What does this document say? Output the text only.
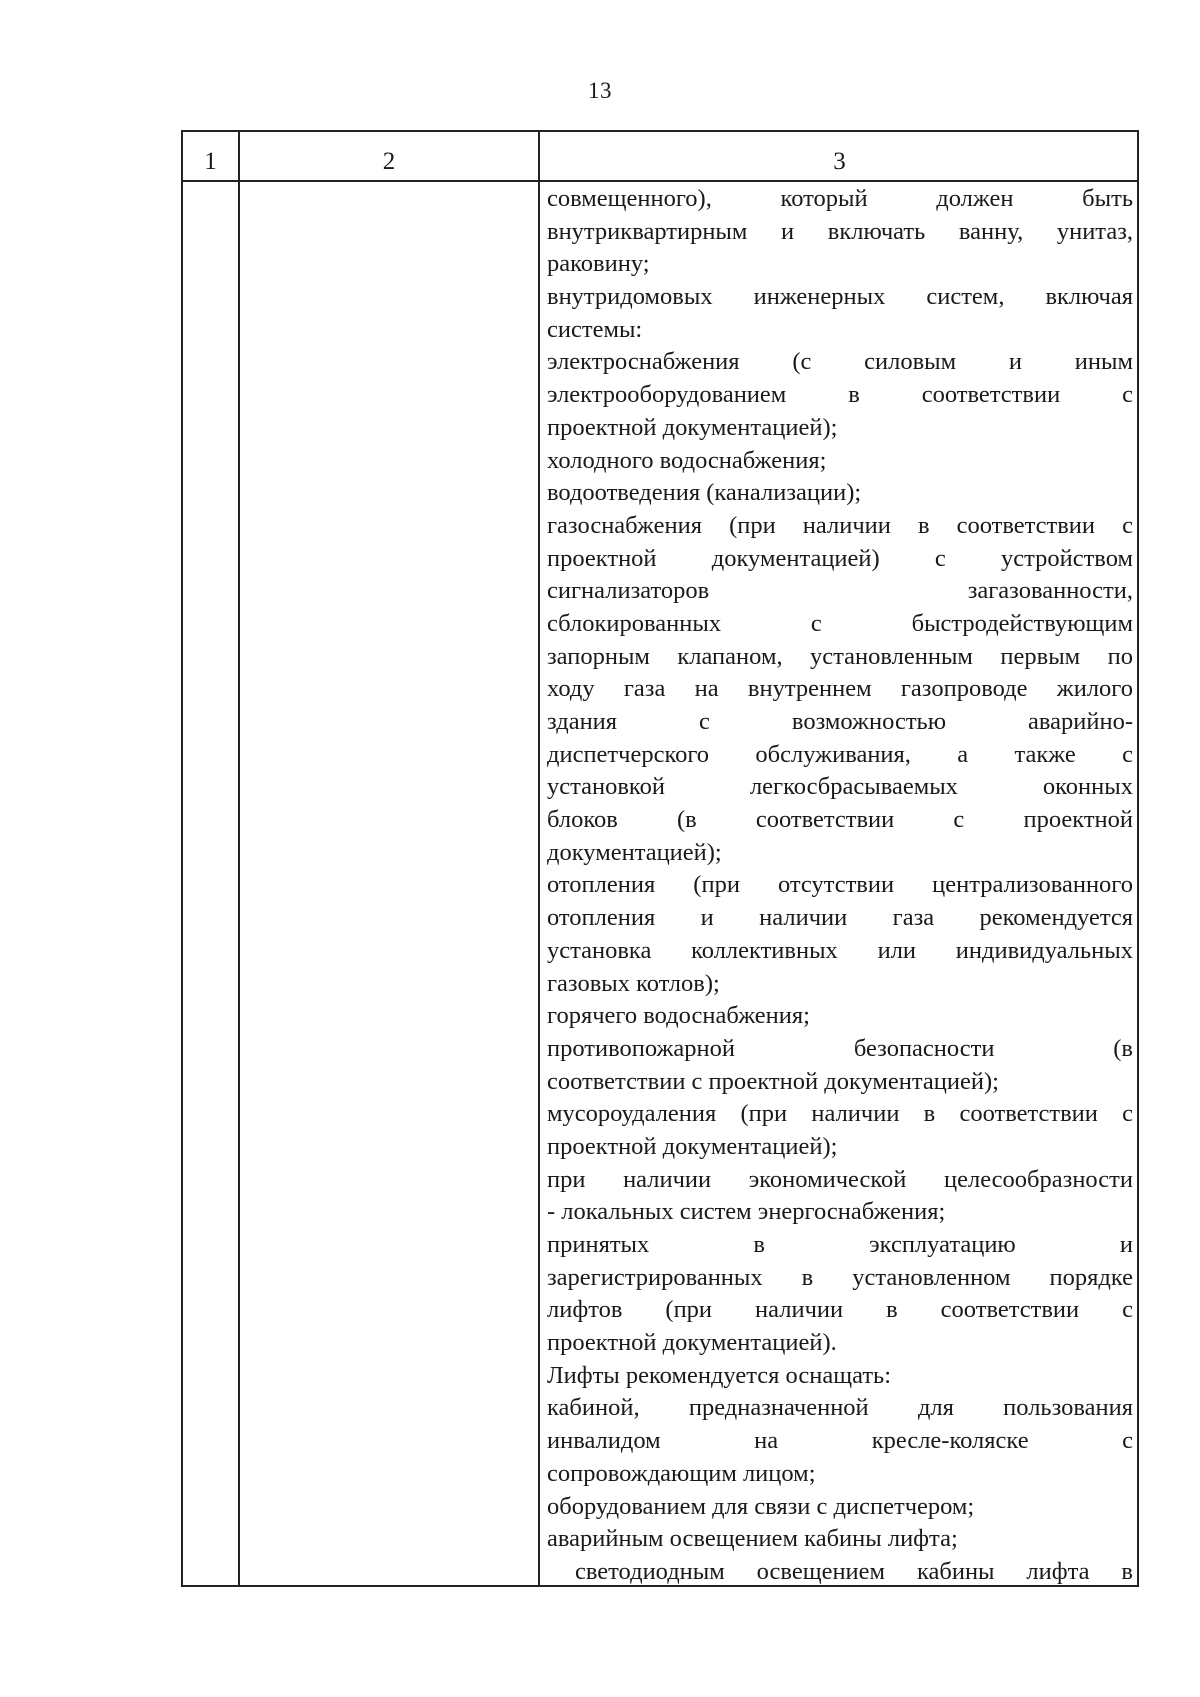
13
1	2	3
совмещенного), который должен быть
внутриквартирным и включать ванну, унитаз,
раковину;
внутридомовых инженерных систем, включая
системы:
электроснабжения (с силовым и иным
электрооборудованием в соответствии с
проектной документацией);
холодного водоснабжения;
водоотведения (канализации);
газоснабжения (при наличии в соответствии с
проектной документацией) с устройством
сигнализаторов загазованности,
сблокированных с быстродействующим
запорным клапаном, установленным первым по
ходу газа на внутреннем газопроводе жилого
здания с возможностью аварийно-
диспетчерского обслуживания, а также с
установкой легкосбрасываемых оконных
блоков (в соответствии с проектной
документацией);
отопления (при отсутствии централизованного
отопления и наличии газа рекомендуется
установка коллективных или индивидуальных
газовых котлов);
горячего водоснабжения;
противопожарной безопасности (в
соответствии с проектной документацией);
мусороудаления (при наличии в соответствии с
проектной документацией);
при наличии экономической целесообразности
- локальных систем энергоснабжения;
принятых в эксплуатацию и
зарегистрированных в установленном порядке
лифтов (при наличии в соответствии с
проектной документацией).
Лифты рекомендуется оснащать:
кабиной, предназначенной для пользования
инвалидом на кресле-коляске с
сопровождающим лицом;
оборудованием для связи с диспетчером;
аварийным освещением кабины лифта;
светодиодным освещением кабины лифта в
